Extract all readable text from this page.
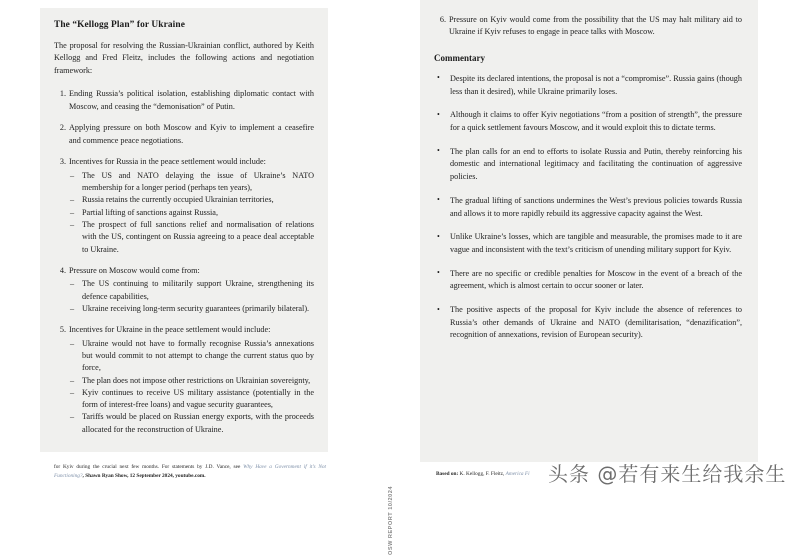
The “Kellogg Plan” for Ukraine

The proposal for resolving the Russian-Ukrainian conflict, authored by Keith Kellogg and Fred Fleitz, includes the following actions and negotiation framework:

1. Ending Russia’s political isolation, establishing diplomatic contact with Moscow, and ceasing the “demonisation” of Putin.
2. Applying pressure on both Moscow and Kyiv to implement a ceasefire and commence peace negotiations.
3. Incentives for Russia in the peace settlement would include:
– The US and NATO delaying the issue of Ukraine’s NATO membership for a longer period (perhaps ten years),
– Russia retains the currently occupied Ukrainian territories,
– Partial lifting of sanctions against Russia,
– The prospect of full sanctions relief and normalisation of relations with the US, contingent on Russia agreeing to a peace deal acceptable to Ukraine.
4. Pressure on Moscow would come from:
– The US continuing to militarily support Ukraine, strengthening its defence capabilities,
– Ukraine receiving long-term security guarantees (primarily bilateral).
5. Incentives for Ukraine in the peace settlement would include:
– Ukraine would not have to formally recognise Russia’s annexations but would commit to not attempt to change the current status quo by force,
– The plan does not impose other restrictions on Ukrainian sovereignty,
– Kyiv continues to receive US military assistance (potentially in the form of interest-free loans) and vague security guarantees,
– Tariffs would be placed on Russian energy exports, with the proceeds allocated for the reconstruction of Ukraine.
for Kyiv during the crucial next few months. For statements by J.D. Vance, see Why Have a Government if it’s Not Functioning?, Shawn Ryan Show, 12 September 2024, youtube.com.
OSW REPORT 10/2024
6. Pressure on Kyiv would come from the possibility that the US may halt military aid to Ukraine if Kyiv refuses to engage in peace talks with Moscow.
Commentary
• Despite its declared intentions, the proposal is not a “compromise”. Russia gains (though less than it desired), while Ukraine primarily loses.
• Although it claims to offer Kyiv negotiations “from a position of strength”, the pressure for a quick settlement favours Moscow, and it would exploit this to dictate terms.
• The plan calls for an end to efforts to isolate Russia and Putin, thereby reinforcing his domestic and international legitimacy and facilitating the continuation of aggressive policies.
• The gradual lifting of sanctions undermines the West’s previous policies towards Russia and allows it to more rapidly rebuild its aggressive capacity against the West.
• Unlike Ukraine’s losses, which are tangible and measurable, the promises made to it are vague and inconsistent with the text’s criticism of unending military support for Kyiv.
• There are no specific or credible penalties for Moscow in the event of a breach of the agreement, which is almost certain to occur sooner or later.
• The positive aspects of the proposal for Kyiv include the absence of references to Russia’s other demands of Ukraine and NATO (demilitarisation, “denazification”, recognition of annexations, revision of European security).
Based on: K. Kellogg, F. Fleitz, America Fi 头条 @若有来生给我余生
